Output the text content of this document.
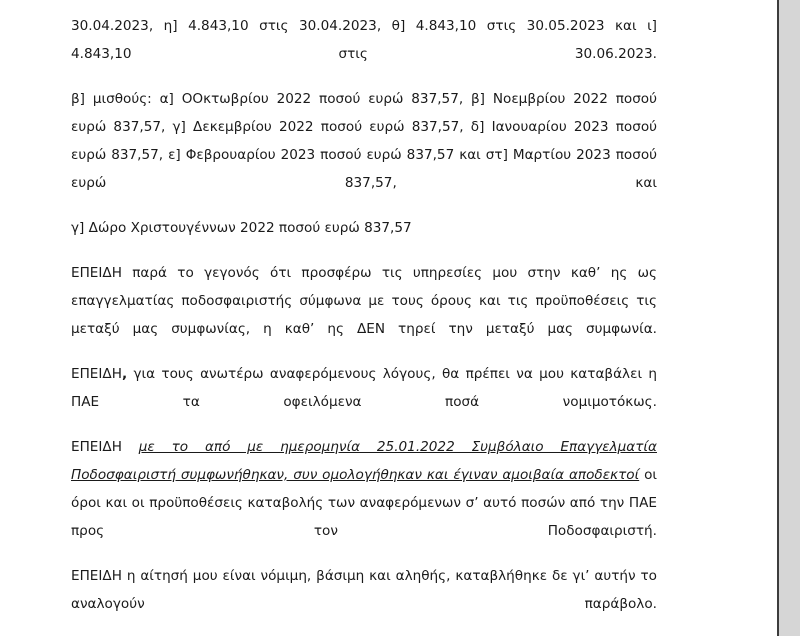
30.04.2023, η] 4.843,10 στις 30.04.2023, θ] 4.843,10 στις 30.05.2023 και ι] 4.843,10 στις 30.06.2023.

β] μισθούς: α] ΟΟκτωβρίου 2022 ποσού ευρώ 837,57, β] Νοεμβρίου 2022 ποσού ευρώ 837,57, γ] Δεκεμβρίου 2022 ποσού ευρώ 837,57, δ] Ιανουαρίου 2023 ποσού ευρώ 837,57, ε] Φεβρουαρίου 2023 ποσού ευρώ 837,57 και στ] Μαρτίου 2023 ποσού ευρώ 837,57, και

γ] Δώρο Χριστουγέννων 2022 ποσού ευρώ 837,57

ΕΠΕΙΔΗ παρά το γεγονός ότι προσφέρω τις υπηρεσίες μου στην καθ’ ης ως επαγγελματίας ποδοσφαιριστής σύμφωνα με τους όρους και τις προϋποθέσεις τις μεταξύ μας συμφωνίας, η καθ’ ης ΔΕΝ τηρεί την μεταξύ μας συμφωνία.

ΕΠΕΙΔΗ, για τους ανωτέρω αναφερόμενους λόγους, θα πρέπει να μου καταβάλει η ΠΑΕ τα οφειλόμενα ποσά νομιμοτόκως.

ΕΠΕΙΔΗ με το από με ημερομηνία 25.01.2022 Συμβόλαιο Επαγγελματία Ποδοσφαιριστή συμφωνήθηκαν, συν ομολογήθηκαν και έγιναν αμοιβαία αποδεκτοί οι όροι και οι προϋποθέσεις καταβολής των αναφερόμενων σ’ αυτό ποσών από την ΠΑΕ προς τον Ποδοσφαιριστή.

ΕΠΕΙΔΗ η αίτησή μου είναι νόμιμη, βάσιμη και αληθής, καταβλήθηκε δε γι’ αυτήν το αναλογούν παράβολο.
